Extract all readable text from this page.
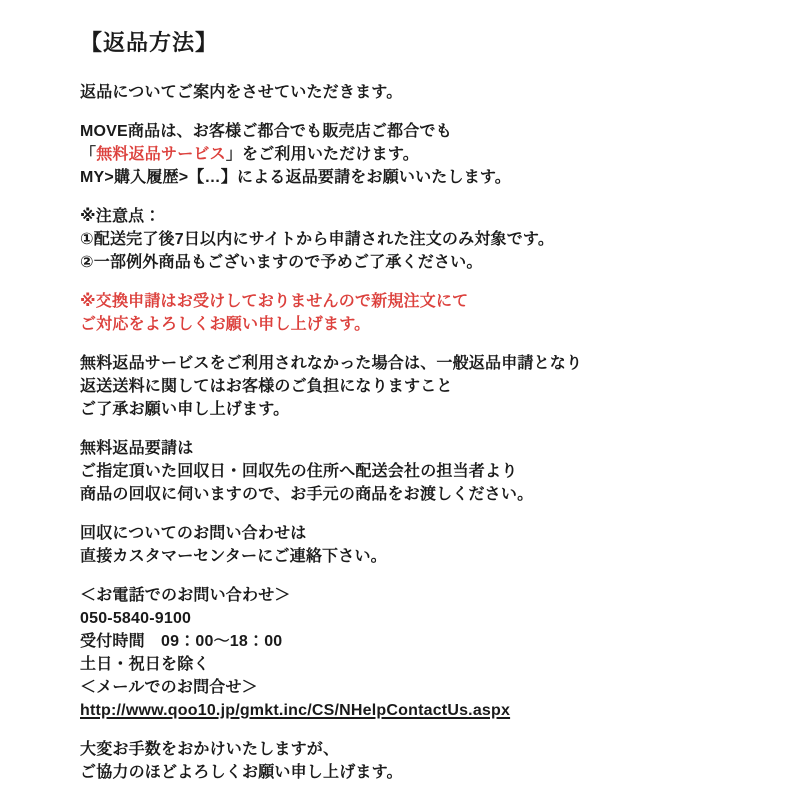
【返品方法】

返品についてご案内をさせていただきます。

MOVE商品は、お客様ご都合でも販売店ご都合でも
「無料返品サービス」をご利用いただけます。
MY>購入履歴>【…】による返品要請をお願いいたします。
※注意点：
①配送完了後7日以内にサイトから申請された注文のみ対象です。
②一部例外商品もございますので予めご了承ください。
※交換申請はお受けしておりませんので新規注文にて
ご対応をよろしくお願い申し上げます。
無料返品サービスをご利用されなかった場合は、一般返品申請となり
返送送料に関してはお客様のご負担になりますこと
ご了承お願い申し上げます。
無料返品要請は
ご指定頂いた回収日・回収先の住所へ配送会社の担当者より
商品の回収に伺いますので、お手元の商品をお渡しください。
回収についてのお問い合わせは
直接カスタマーセンターにご連絡下さい。
＜お電話でのお問い合わせ＞
050-5840-9100
受付時間　09：00～18：00
土日・祝日を除く
＜メールでのお問合せ＞
http://www.qoo10.jp/gmkt.inc/CS/NHelpContactUs.aspx
大変お手数をおかけいたしますが、
ご協力のほどよろしくお願い申し上げます。
